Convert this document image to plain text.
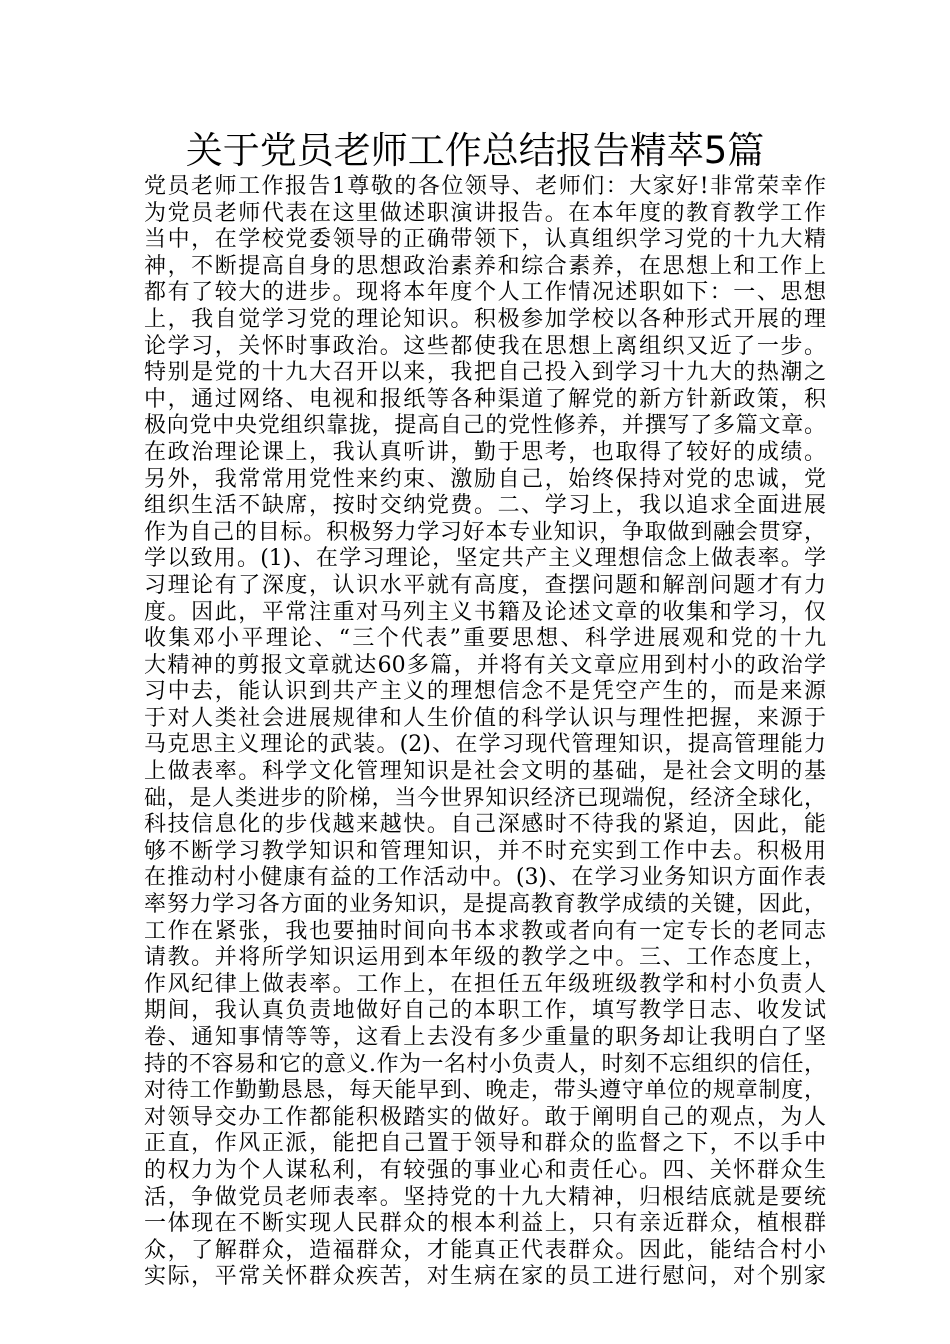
关于党员老师工作总结报告精萃5篇
党员老师工作报告1尊敬的各位领导、老师们：大家好!非常荣幸作
为党员老师代表在这里做述职演讲报告。在本年度的教育教学工作
当中，在学校党委领导的正确带领下，认真组织学习党的十九大精
神，不断提高自身的思想政治素养和综合素养，在思想上和工作上
都有了较大的进步。现将本年度个人工作情况述职如下：一、思想
上，我自觉学习党的理论知识。积极参加学校以各种形式开展的理
论学习，关怀时事政治。这些都使我在思想上离组织又近了一步。
特别是党的十九大召开以来，我把自己投入到学习十九大的热潮之
中，通过网络、电视和报纸等各种渠道了解党的新方针新政策，积
极向党中央党组织靠拢，提高自己的党性修养，并撰写了多篇文章。
在政治理论课上，我认真听讲，勤于思考，也取得了较好的成绩。
另外，我常常用党性来约束、激励自己，始终保持对党的忠诚，党
组织生活不缺席，按时交纳党费。二、学习上，我以追求全面进展
作为自己的目标。积极努力学习好本专业知识，争取做到融会贯穿，
学以致用。(1)、在学习理论，坚定共产主义理想信念上做表率。学
习理论有了深度，认识水平就有高度，查摆问题和解剖问题才有力
度。因此，平常注重对马列主义书籍及论述文章的收集和学习，仅
收集邓小平理论、“三个代表”重要思想、科学进展观和党的十九
大精神的剪报文章就达60多篇，并将有关文章应用到村小的政治学
习中去，能认识到共产主义的理想信念不是凭空产生的，而是来源
于对人类社会进展规律和人生价值的科学认识与理性把握，来源于
马克思主义理论的武装。(2)、在学习现代管理知识，提高管理能力
上做表率。科学文化管理知识是社会文明的基础，是社会文明的基
础，是人类进步的阶梯，当今世界知识经济已现端倪，经济全球化，
科技信息化的步伐越来越快。自己深感时不待我的紧迫，因此，能
够不断学习教学知识和管理知识，并不时充实到工作中去。积极用
在推动村小健康有益的工作活动中。(3)、在学习业务知识方面作表
率努力学习各方面的业务知识，是提高教育教学成绩的关键，因此，
工作在紧张，我也要抽时间向书本求教或者向有一定专长的老同志
请教。并将所学知识运用到本年级的教学之中。三、工作态度上，
作风纪律上做表率。工作上，在担任五年级班级教学和村小负责人
期间，我认真负责地做好自己的本职工作，填写教学日志、收发试
卷、通知事情等等，这看上去没有多少重量的职务却让我明白了坚
持的不容易和它的意义.作为一名村小负责人，时刻不忘组织的信任，
对待工作勤勤恳恳，每天能早到、晚走，带头遵守单位的规章制度，
对领导交办工作都能积极踏实的做好。敢于阐明自己的观点，为人
正直，作风正派，能把自己置于领导和群众的监督之下，不以手中
的权力为个人谋私利，有较强的事业心和责任心。四、关怀群众生
活，争做党员老师表率。坚持党的十九大精神，归根结底就是要统
一体现在不断实现人民群众的根本利益上，只有亲近群众，植根群
众，了解群众，造福群众，才能真正代表群众。因此，能结合村小
实际，平常关怀群众疾苦，对生病在家的员工进行慰问，对个别家
